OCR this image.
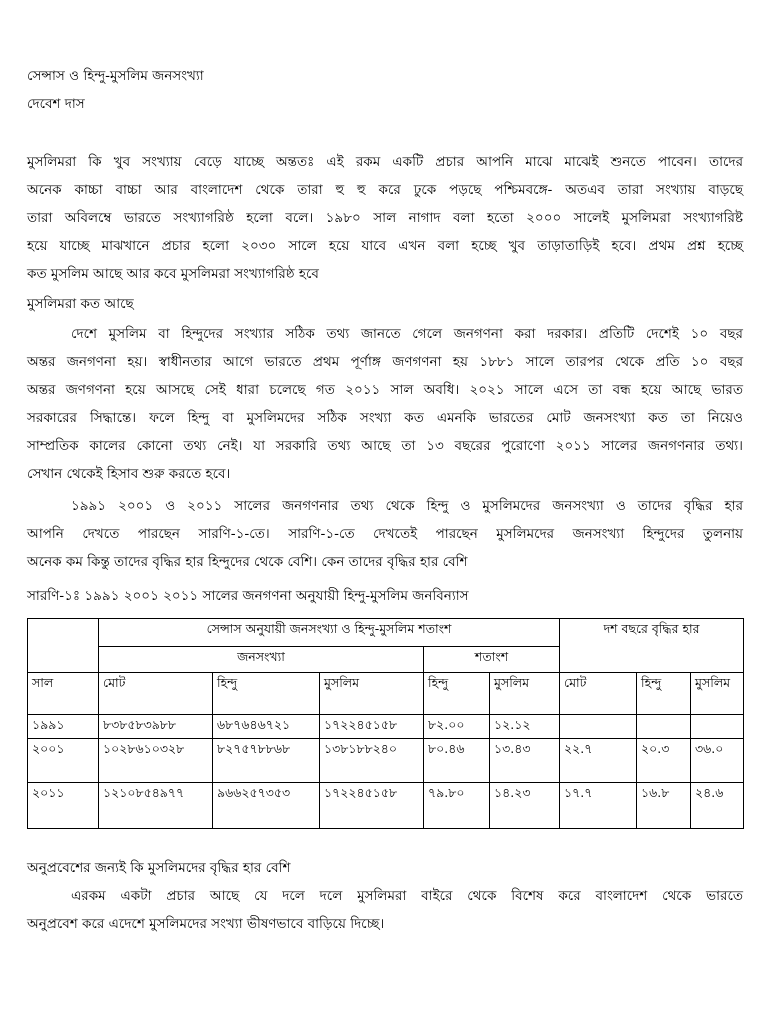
সেন্সাস ও হিন্দু-মুসলিম জনসংখ্যা
দেবেশ দাস
মুসলিমরা কি খুব সংখ্যায় বেড়ে যাচ্ছে অন্ততঃ এই রকম একটি প্রচার আপনি মাঝে মাঝেই শুনতে পাবেন। তাদের
অনেক কাচ্চা বাচ্চা আর বাংলাদেশ থেকে তারা হু হু করে ঢুকে পড়ছে পশ্চিমবঙ্গে- অতএব তারা সংখ্যায় বাড়ছে
তারা অবিলম্বে ভারতে সংখ্যাগরিষ্ঠ হলো বলে। ১৯৮০ সাল নাগাদ বলা হতো ২০০০ সালেই মুসলিমরা সংখ্যাগরিষ্ট
হয়ে যাচ্ছে মাঝখানে প্রচার হলো ২০৩০ সালে হয়ে যাবে এখন বলা হচ্ছে খুব তাড়াতাড়িই হবে। প্রথম প্রশ্ন হচ্ছে
কত মুসলিম আছে আর কবে মুসলিমরা সংখ্যাগরিষ্ঠ হবে
মুসলিমরা কত আছে
দেশে মুসলিম বা হিন্দুদের সংখ্যার সঠিক তথ্য জানতে গেলে জনগণনা করা দরকার। প্রতিটি দেশেই ১০ বছর
অন্তর জনগণনা হয়। স্বাধীনতার আগে ভারতে প্রথম পূর্ণাঙ্গ জণগণনা হয় ১৮৮১ সালে তারপর থেকে প্রতি ১০ বছর
অন্তর জণগণনা হয়ে আসছে সেই ধারা চলেছে গত ২০১১ সাল অবধি। ২০২১ সালে এসে তা বন্ধ হয়ে আছে ভারত
সরকারের সিদ্ধান্তে। ফলে হিন্দু বা মুসলিমদের সঠিক সংখ্যা কত এমনকি ভারতের মোট জনসংখ্যা কত তা নিয়েও
সাম্প্রতিক কালের কোনো তথ্য নেই। যা সরকারি তথ্য আছে তা ১৩ বছরের পুরোণো ২০১১ সালের জনগণনার তথ্য।
সেখান থেকেই হিসাব শুরু করতে হবে।
১৯৯১ ২০০১ ও ২০১১ সালের জনগণনার তথ্য থেকে হিন্দু ও মুসলিমদের জনসংখ্যা ও তাদের বৃদ্ধির হার
আপনি দেখতে পারছেন সারণি-১-তে। সারণি-১-তে দেখতেই পারছেন মুসলিমদের জনসংখ্যা হিন্দুদের তুলনায়
অনেক কম কিন্তু তাদের বৃদ্ধির হার হিন্দুদের থেকে বেশি। কেন তাদের বৃদ্ধির হার বেশি
সারণি-১ঃ ১৯৯১ ২০০১ ২০১১ সালের জনগণনা অনুযায়ী হিন্দু-মুসলিম জনবিন্যাস
	সেন্সাস অনুযায়ী জনসংখ্যা ও হিন্দু-মুসলিম শতাংশ					দশ বছরে বৃদ্ধির হার		
	জনসংখ্যা			শতাংশ				
সাল	মোট	হিন্দু	মুসলিম	হিন্দু	মুসলিম	মোট	হিন্দু	মুসলিম
১৯৯১	৮৩৮৫৮৩৯৮৮	৬৮৭৬৪৬৭২১	১৭২২৪৫১৫৮	৮২.০০	১২.১২			
২০০১	১০২৮৬১০৩২৮	৮২৭৫৭৮৮৬৮	১৩৮১৮৮২৪০	৮০.৪৬	১৩.৪৩	২২.৭	২০.৩	৩৬.০
২০১১	১২১০৮৫৪৯৭৭	৯৬৬২৫৭৩৫৩	১৭২২৪৫১৫৮	৭৯.৮০	১৪.২৩	১৭.৭	১৬.৮	২৪.৬
অনুপ্রবেশের জন্যই কি মুসলিমদের বৃদ্ধির হার বেশি
এরকম একটা প্রচার আছে যে দলে দলে মুসলিমরা বাইরে থেকে বিশেষ করে বাংলাদেশ থেকে ভারতে
অনুপ্রবেশ করে এদেশে মুসলিমদের সংখ্যা ভীষণভাবে বাড়িয়ে দিচ্ছে।
